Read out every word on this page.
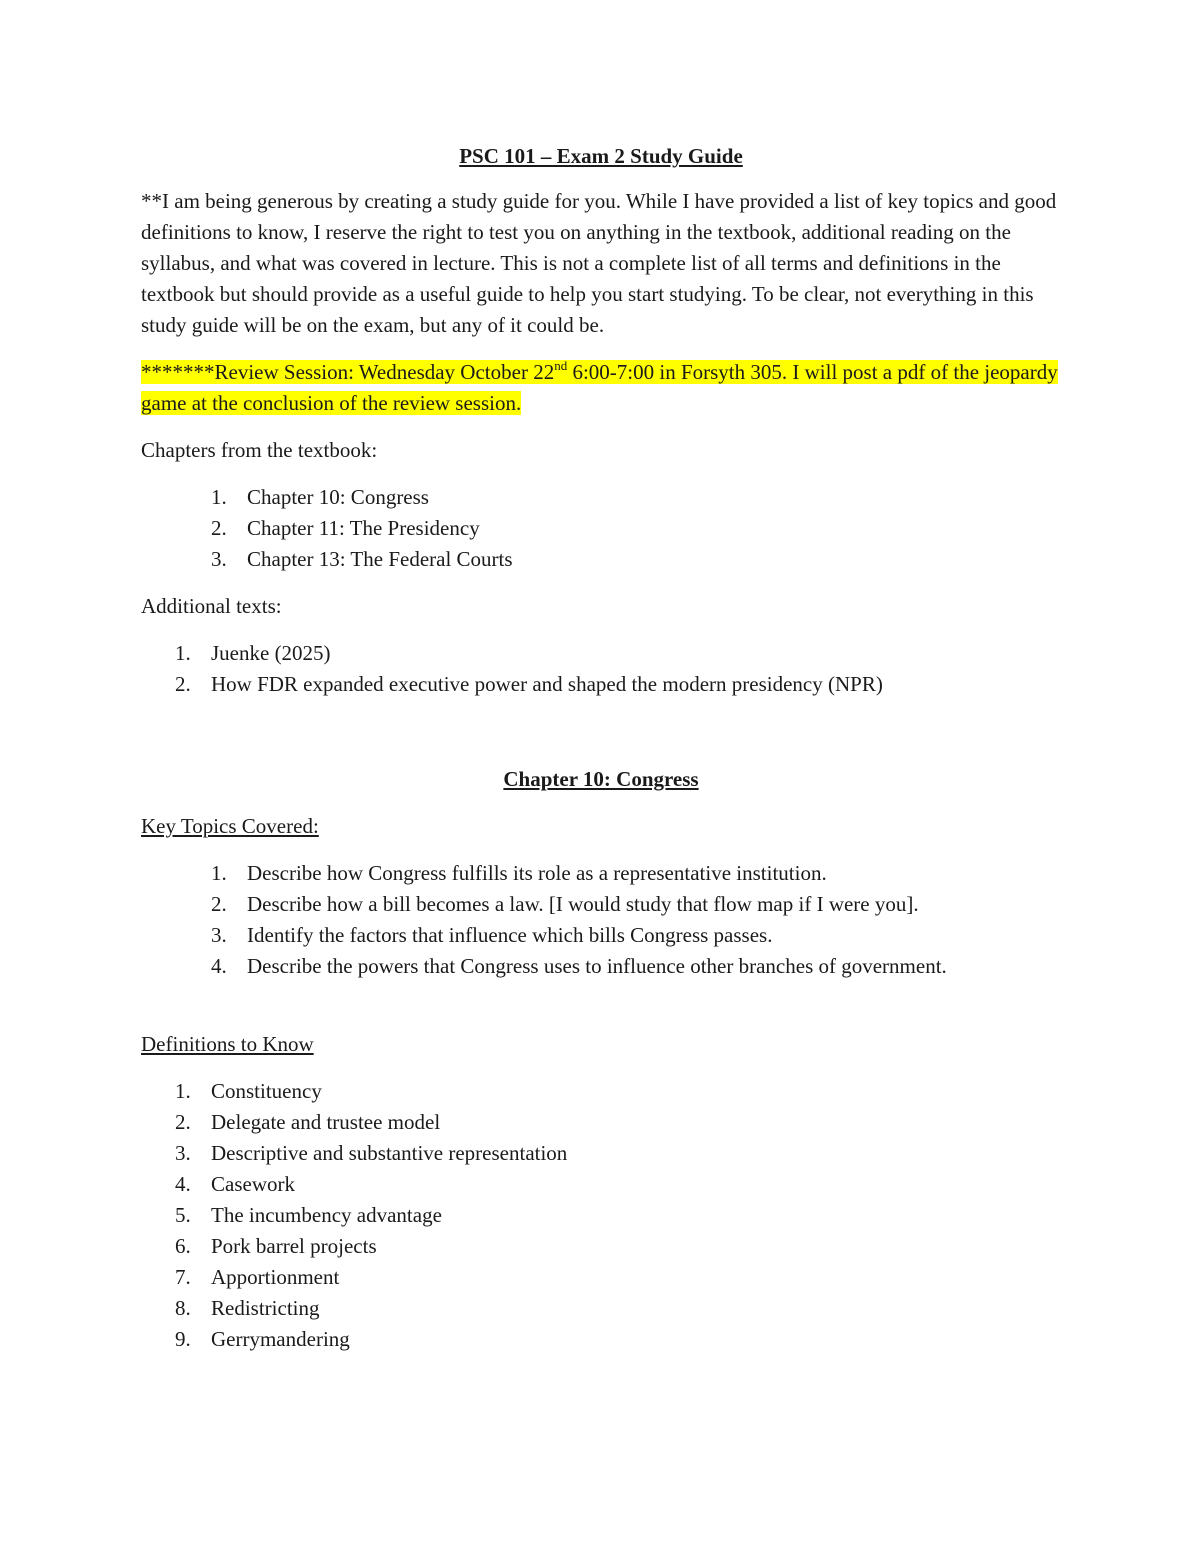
PSC 101 – Exam 2 Study Guide

**I am being generous by creating a study guide for you. While I have provided a list of key topics and good definitions to know, I reserve the right to test you on anything in the textbook, additional reading on the syllabus, and what was covered in lecture. This is not a complete list of all terms and definitions in the textbook but should provide as a useful guide to help you start studying. To be clear, not everything in this study guide will be on the exam, but any of it could be.

*******Review Session: Wednesday October 22nd 6:00-7:00 in Forsyth 305. I will post a pdf of the jeopardy game at the conclusion of the review session.

Chapters from the textbook:

1. Chapter 10: Congress
2. Chapter 11: The Presidency
3. Chapter 13: The Federal Courts

Additional texts:

1. Juenke (2025)
2. How FDR expanded executive power and shaped the modern presidency (NPR)

Chapter 10: Congress

Key Topics Covered:

1. Describe how Congress fulfills its role as a representative institution.
2. Describe how a bill becomes a law. [I would study that flow map if I were you].
3. Identify the factors that influence which bills Congress passes.
4. Describe the powers that Congress uses to influence other branches of government.

Definitions to Know

1. Constituency
2. Delegate and trustee model
3. Descriptive and substantive representation
4. Casework
5. The incumbency advantage
6. Pork barrel projects
7. Apportionment
8. Redistricting
9. Gerrymandering
